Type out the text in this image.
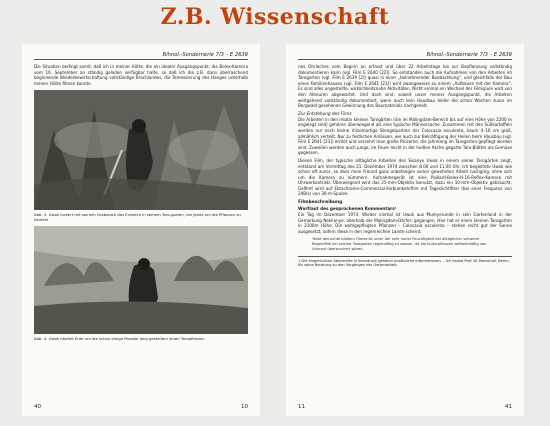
Z.B. Wissenschaft
Bihnol.-Sondernerie 7/3 – E 2639

Die Situation bedingt somit, daß ich in meiner Hütte, die ein idealer Ausgangspunkt, die Bolex-Kamera vom 16. September an ständig geladen verfügbar halte, so daß ich die z.B. dann überraschend beginnende Wiederbewirtschaftung vollständige Brachlandes, die Temessierung des Hanges unterhalb meiner Hütte filmen konnte.

Abb. 3. Uwok lockert mit seinem Grabstock das Erdreich in seinem Taro-garten, um jenes um die Pflanzen zu häufeln
Abb. 4. Uwok häufelt Erde um die schon einige Monate lang gestellten einen Taropflanzer.
40	10
Bihnol.-Sondernerie 7/3 – E 2639

nes Ohrlaches vom Beginn an erfasst und über 22 Arbeitstage bis zur Bepflanzung vollständig dokumentieren kann (vgl. Film E 2640 [22]). So entstanden auch die Aufnahmen von den Arbeiten im Tarogarten (vgl. Film E 2639 [2]) quasi in einer „teilnehmender Beobachtung“, und gleichfalls der Bau eines Familienhauses (vgl. Film E 2641 [23]) wird zwangsweise zu einem „Aufbauen mit der Kamera“. Es sind alles ungestellte, wirklichkeitsnahe Aktivitäten. Nicht einmal ein Wechsel der Filmspule wird von den Akteuren abgewartet. Und doch sind, soweit unser meiner Ausgangspunkt, die Arbeiten weitgehend vollständig dokumentiert, wenn auch kein Hausbau leider die schon Wochen zuvor im Bergwald gesehenen Gewinnung des Baumaterials nachgeholt.

Zur Entstehung des Films

Die Arbeiten in den relativ kleinen Tarogärten (die im Malingdam-Bereich bis auf eine Höhe von 2200 m angelegt sind) gehören überwiegend als eine typische Männersache. Zusammen mit den Süßkartoffeln werden nur noch kleine rhizomartige Stengelpartien der Colocasia esculenta, kaum 4–10 cm groß, allmählich verteilt. Nur zu festlichen Anlässen, wie auch zur Bekräftigung der Heilen beim Hausbau (vgl. Film E 2641 [23]) erntet und verzehrt man große Rhizome, die jahrelang im Tarogarten gepflegt worden sind. Zuweilen werden auch junge, im Feuer leicht in der heißen Asche gegarte Taro-Blätter als Gemüse gegessen.

Diesen Film, der typische alltägliche Arbeiten des Sisanye Uwok in einem seiner Tarogärten zeigt, entstand am Vormittag des 21. Dezember 1974 zwischen 8.00 und 11.00 Uhr. Ich begleitete Uwok wie schon oft zuvor, so dass mein Freund ganz unbefangen seiner gewohnten Arbeit nachging, ohne sich um die Kamera zu kümmern. Aufnahmegerät ist eine Paillard-Bolex-H-16-Reflex-Kamera mit Uhrwerkantrieb. Überwiegend wird das 25-mm-Objektiv benutzt, dazu ein 10-mm-Objektiv gebraucht. Gefilmt wird auf Ektachrome-Commercial-Farbumkehrfilm mit Tageslichtfilter (bei einer Frequenz von 24B/s) von 30-m-Spulen.

Filmbeschreibung
Wortlaut des gesprochenen Kommentars¹

Ein Tag im Dezember 1974. Wieder einmal ist Uwok aus Mumyerunde in sein Gartenland in der Gemarkung Nekilunye, oberhalb der Malingdam-Dörfer, gegangen. Hier hat er einen kleinen Tarogarten in 2100m Höhe. Die wohlgepflegten Pflanzen – Colocasia esculenta – stehen recht gut der Sonne ausgesetzt, sofern diese in den regenreichen Lande scheint.

Texte des echte bildlern Filmes ist unter der sehr hoher Feuchtigkeit bei alltäglicher schwerer Regenfälle ein solcher Tarogarten regelmäßig zu wasser, da die Kulturpflanzen weitestmäßig von Unkraut überwuchert wären.
1 Die eingerückten Abschnitte in Kleindruck gehören zusätzliche Informationen. – Ich danke Prof. W. Marschall, Berlin, für seine Beratung zu den Vorgängen der Gartenarbeit.
11	41
